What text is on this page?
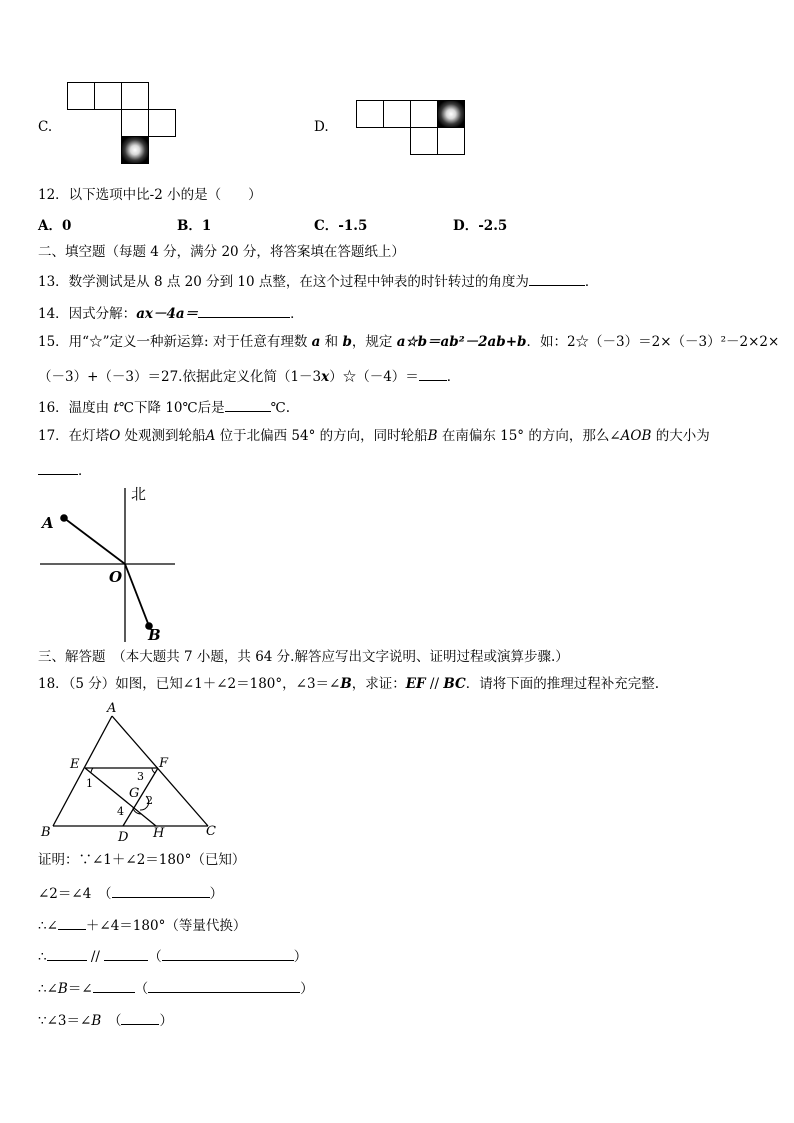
C.	D.
12．以下选项中比-2 小的是（　　）
A．0	B．1	C．-1.5	D．-2.5
二、填空题（每题 4 分，满分 20 分，将答案填在答题纸上）
13．数学测试是从 8 点 20 分到 10 点整，在这个过程中钟表的时针转过的角度为	．
14．因式分解：ax－4a＝	．
15．用“☆”定义一种新运算: 对于任意有理数 a 和 b，规定 a☆b＝ab²－2ab+b．如：2☆（－3）＝2×（－3）²－2×2×
（－3）+（－3）＝27.依据此定义化简（1－3x）☆（－4）＝ ．
16．温度由 t℃下降 10℃后是	℃.
17．在灯塔O 处观测到轮船A 位于北偏西 54° 的方向，同时轮船B 在南偏东 15° 的方向，那么∠AOB 的大小为
．
北
A
O
B
三、解答题　（本大题共 7 小题，共 64 分.解答应写出文字说明、证明过程或演算步骤.）
18．（5 分）如图，已知∠1＋∠2＝180°，∠3＝∠B，求证：EF // BC．请将下面的推理过程补充完整.
A
E	F
3
1
G 2
4
B	D H	C
证明：∵∠1＋∠2＝180°（已知）
∠2＝∠4　（	）
∴∠ ＋∠4＝180°（等量代换）
∴	//	（	）
∴∠B＝∠	（	）
∵∠3＝∠B　（	）
